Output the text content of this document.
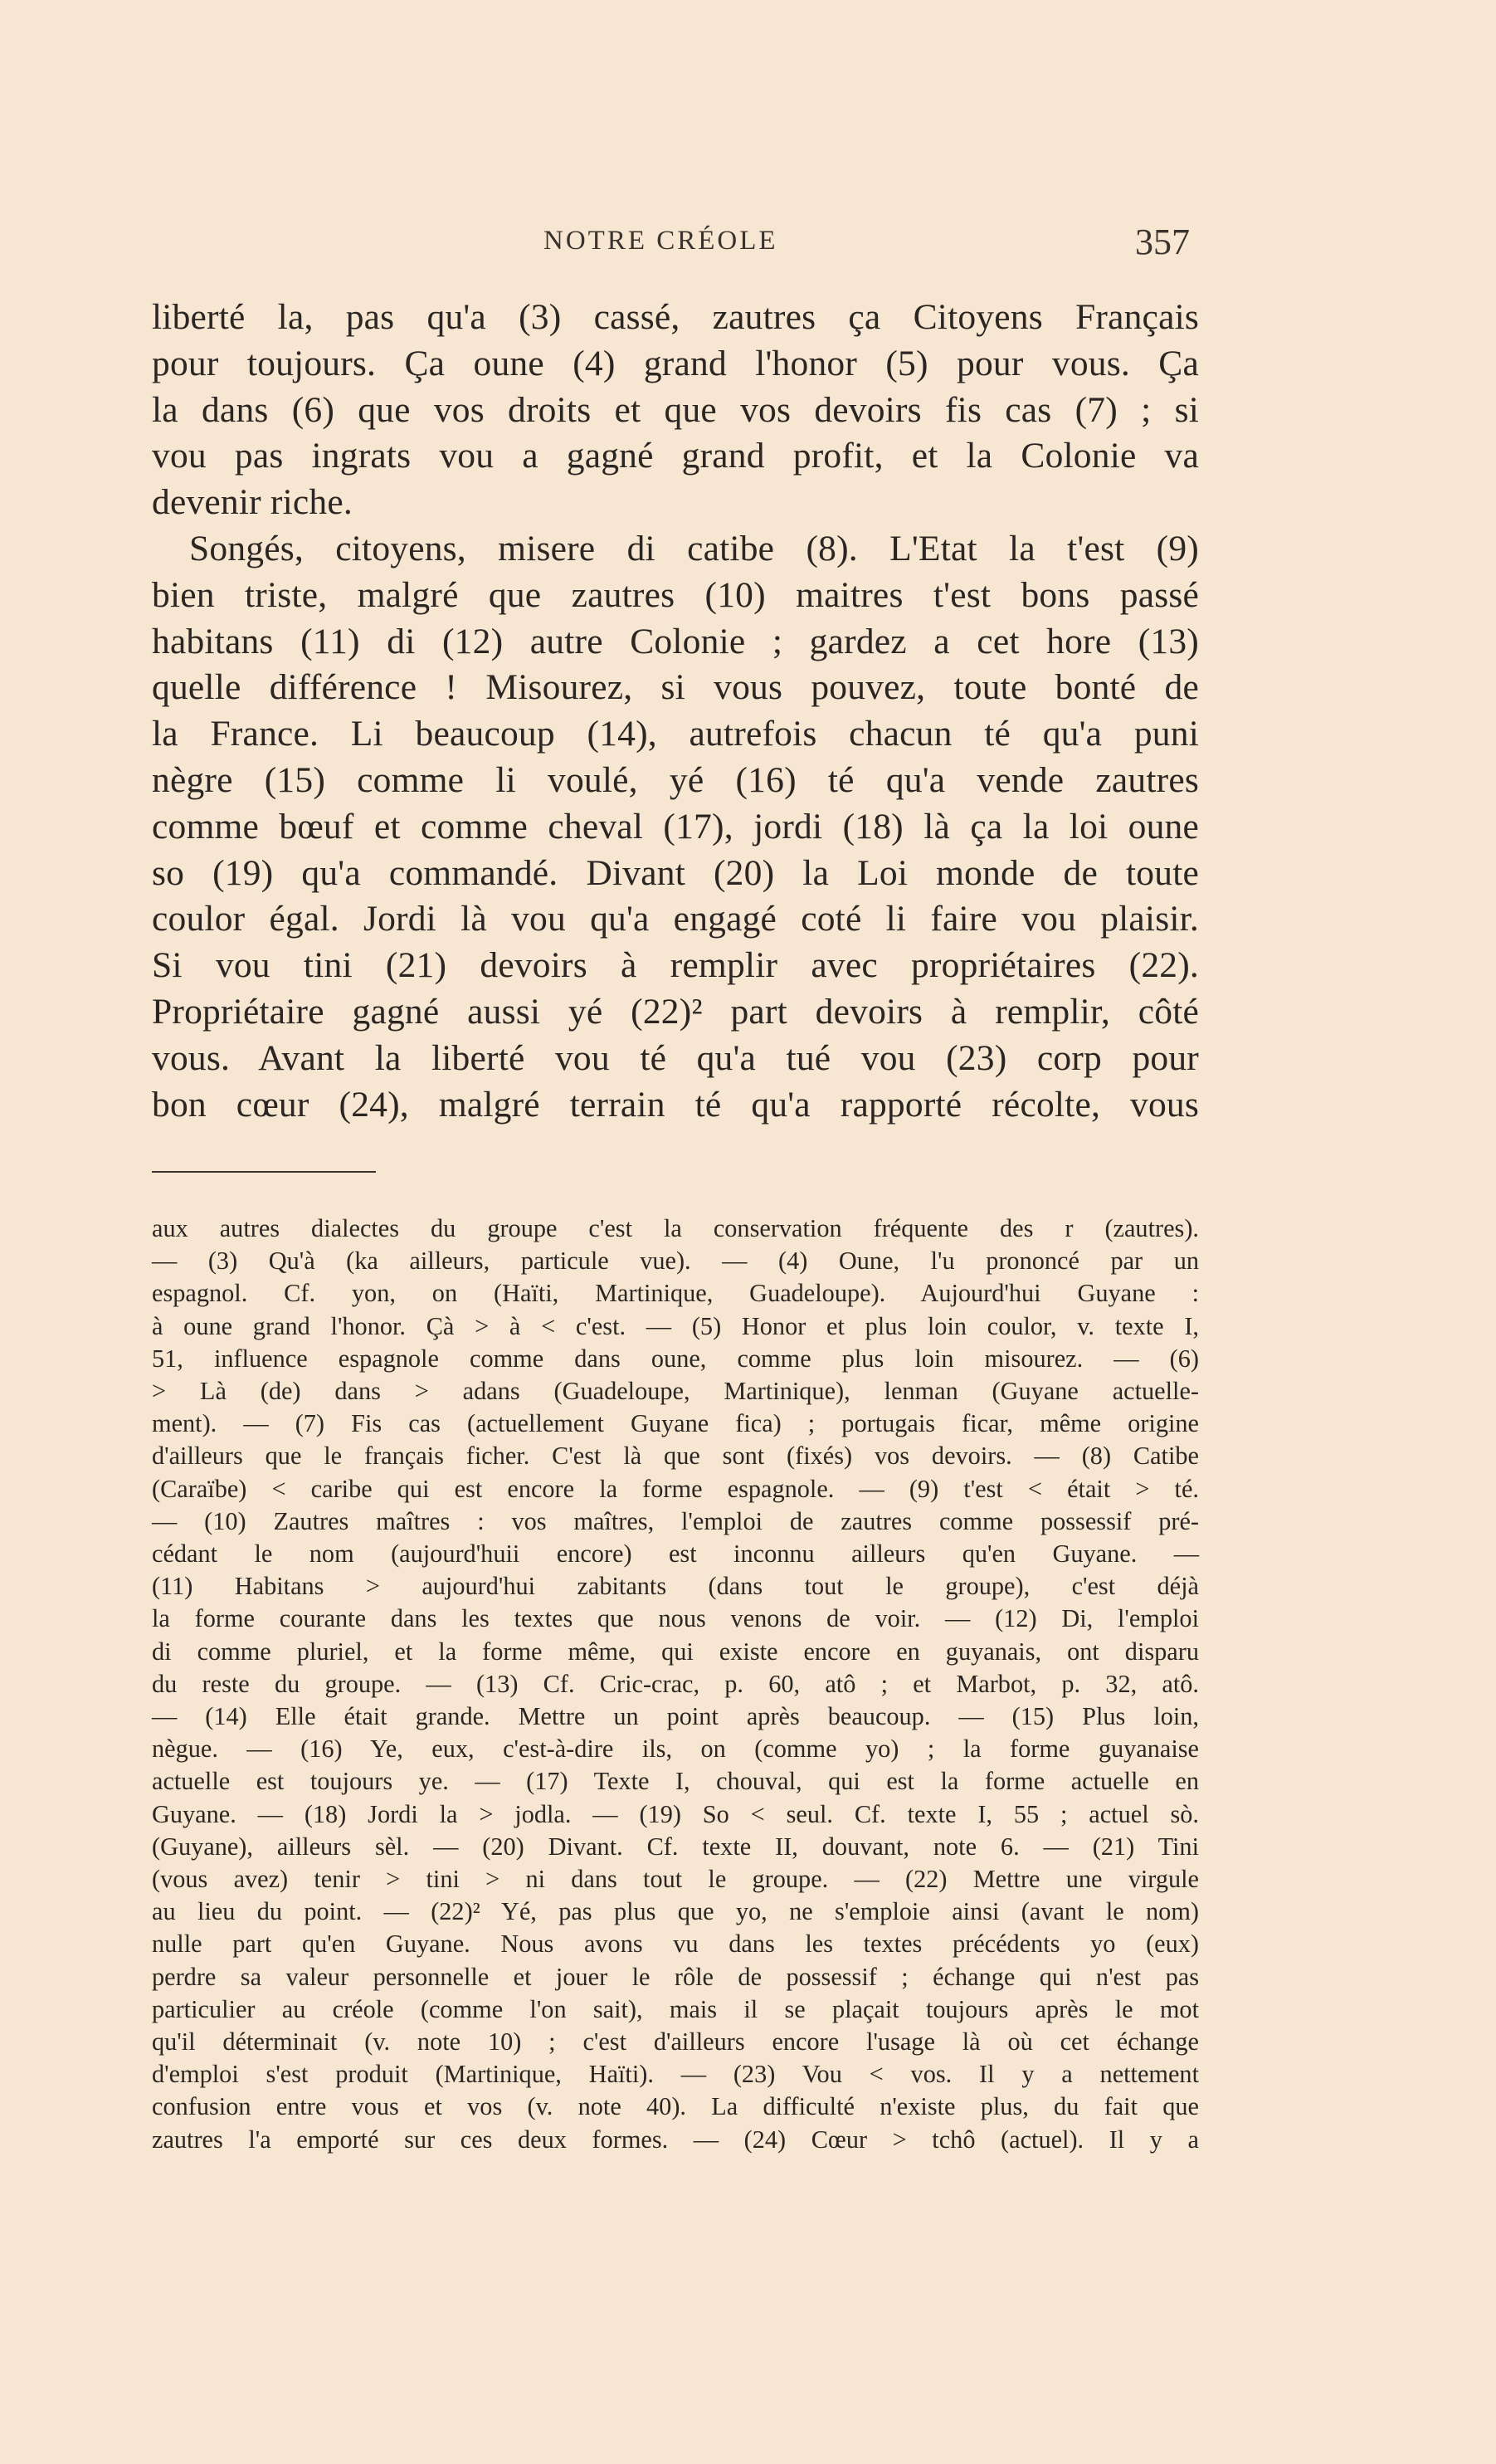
NOTRE CRÉOLE	357
liberté la, pas qu'a (3) cassé, zautres ça Citoyens Français
pour toujours. Ça oune (4) grand l'honor (5) pour vous. Ça
la dans (6) que vos droits et que vos devoirs fis cas (7) ; si
vou pas ingrats vou a gagné grand profit, et la Colonie va
devenir riche.
Songés, citoyens, misere di catibe (8). L'Etat la t'est (9)
bien triste, malgré que zautres (10) maitres t'est bons passé
habitans (11) di (12) autre Colonie ; gardez a cet hore (13)
quelle différence ! Misourez, si vous pouvez, toute bonté de
la France. Li beaucoup (14), autrefois chacun té qu'a puni
nègre (15) comme li voulé, yé (16) té qu'a vende zautres
comme bœuf et comme cheval (17), jordi (18) là ça la loi oune
so (19) qu'a commandé. Divant (20) la Loi monde de toute
coulor égal. Jordi là vou qu'a engagé coté li faire vou plaisir.
Si vou tini (21) devoirs à remplir avec propriétaires (22).
Propriétaire gagné aussi yé (22)² part devoirs à remplir, côté
vous. Avant la liberté vou té qu'a tué vou (23) corp pour
bon cœur (24), malgré terrain té qu'a rapporté récolte, vous
aux autres dialectes du groupe c'est la conservation fréquente des r (zautres).
— (3) Qu'à (ka ailleurs, particule vue). — (4) Oune, l'u prononcé par un
espagnol. Cf. yon, on (Haïti, Martinique, Guadeloupe). Aujourd'hui Guyane :
à oune grand l'honor. Çà > à < c'est. — (5) Honor et plus loin coulor, v. texte I,
51, influence espagnole comme dans oune, comme plus loin misourez. — (6)
> Là (de) dans > adans (Guadeloupe, Martinique), lenman (Guyane actuelle-
ment). — (7) Fis cas (actuellement Guyane fica) ; portugais ficar, même origine
d'ailleurs que le français ficher. C'est là que sont (fixés) vos devoirs. — (8) Catibe
(Caraïbe) < caribe qui est encore la forme espagnole. — (9) t'est < était > té.
— (10) Zautres maîtres : vos maîtres, l'emploi de zautres comme possessif pré-
cédant le nom (aujourd'huii encore) est inconnu ailleurs qu'en Guyane. —
(11) Habitans > aujourd'hui zabitants (dans tout le groupe), c'est déjà
la forme courante dans les textes que nous venons de voir. — (12) Di, l'emploi
di comme pluriel, et la forme même, qui existe encore en guyanais, ont disparu
du reste du groupe. — (13) Cf. Cric-crac, p. 60, atô ; et Marbot, p. 32, atô.
— (14) Elle était grande. Mettre un point après beaucoup. — (15) Plus loin,
nègue. — (16) Ye, eux, c'est-à-dire ils, on (comme yo) ; la forme guyanaise
actuelle est toujours ye. — (17) Texte I, chouval, qui est la forme actuelle en
Guyane. — (18) Jordi la > jodla. — (19) So < seul. Cf. texte I, 55 ; actuel sò.
(Guyane), ailleurs sèl. — (20) Divant. Cf. texte II, douvant, note 6. — (21) Tini
(vous avez) tenir > tini > ni dans tout le groupe. — (22) Mettre une virgule
au lieu du point. — (22)² Yé, pas plus que yo, ne s'emploie ainsi (avant le nom)
nulle part qu'en Guyane. Nous avons vu dans les textes précédents yo (eux)
perdre sa valeur personnelle et jouer le rôle de possessif ; échange qui n'est pas
particulier au créole (comme l'on sait), mais il se plaçait toujours après le mot
qu'il déterminait (v. note 10) ; c'est d'ailleurs encore l'usage là où cet échange
d'emploi s'est produit (Martinique, Haïti). — (23) Vou < vos. Il y a nettement
confusion entre vous et vos (v. note 40). La difficulté n'existe plus, du fait que
zautres l'a emporté sur ces deux formes. — (24) Cœur > tchô (actuel). Il y a
